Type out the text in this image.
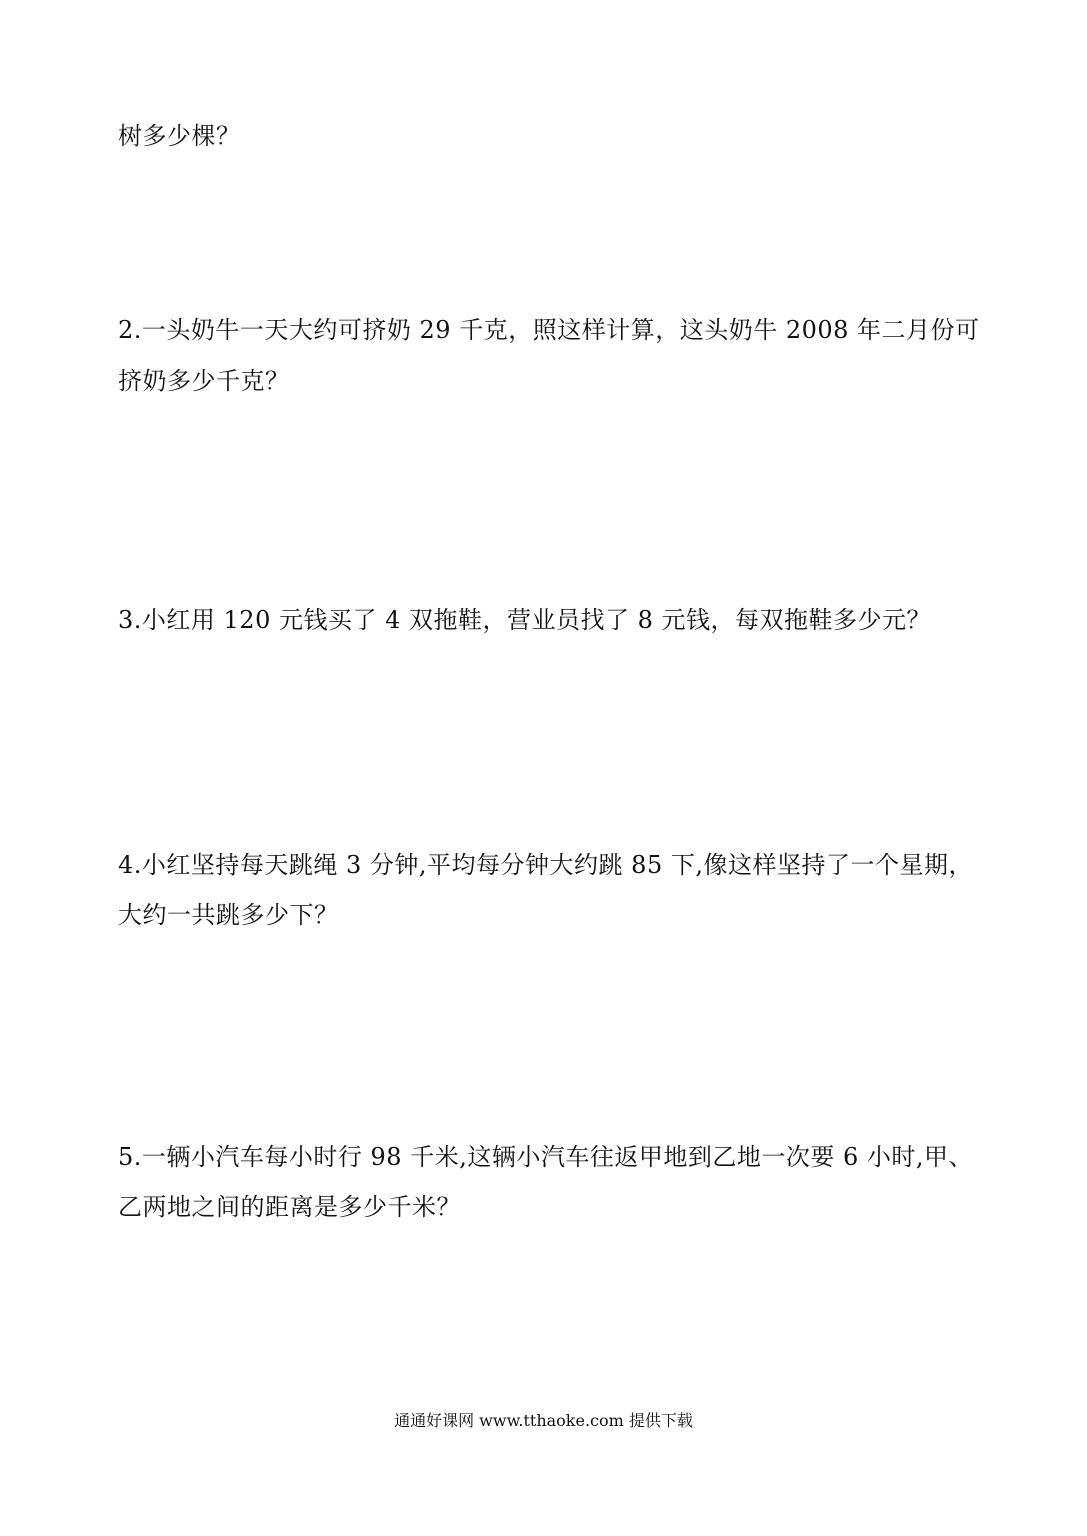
树多少棵？
2.一头奶牛一天大约可挤奶 29 千克，照这样计算，这头奶牛 2008 年二月份可
挤奶多少千克？
3.小红用 120 元钱买了 4 双拖鞋，营业员找了 8 元钱，每双拖鞋多少元？
4.小红坚持每天跳绳 3 分钟,平均每分钟大约跳 85 下,像这样坚持了一个星期，
大约一共跳多少下？
5.一辆小汽车每小时行 98 千米,这辆小汽车往返甲地到乙地一次要 6 小时,甲、
乙两地之间的距离是多少千米？
通通好课网 www.tthaoke.com 提供下载
